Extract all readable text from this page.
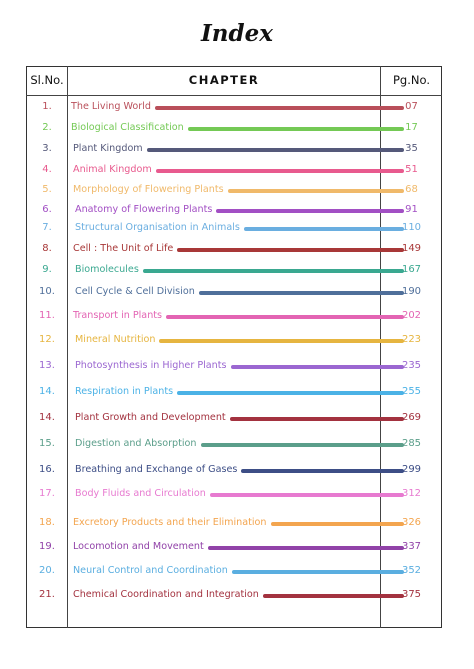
Index
Sl.No.	CHAPTER	Pg.No.
1.	The Living World	07
2.	Biological Classification	17
3.	Plant Kingdom	35
4.	Animal Kingdom	51
5.	Morphology of Flowering Plants	68
6.	Anatomy of Flowering Plants	91
7.	Structural Organisation in Animals	110
8.	Cell : The Unit of Life	149
9.	Biomolecules	167
10.	Cell Cycle & Cell Division	190
11.	Transport in Plants	202
12.	Mineral Nutrition	223
13.	Photosynthesis in Higher Plants	235
14.	Respiration in Plants	255
14.	Plant Growth and Development	269
15.	Digestion and Absorption	285
16.	Breathing and Exchange of Gases	299
17.	Body Fluids and Circulation	312
18.	Excretory Products and their Elimination	326
19.	Locomotion and Movement	337
20.	Neural Control and Coordination	352
21.	Chemical Coordination and Integration	375
